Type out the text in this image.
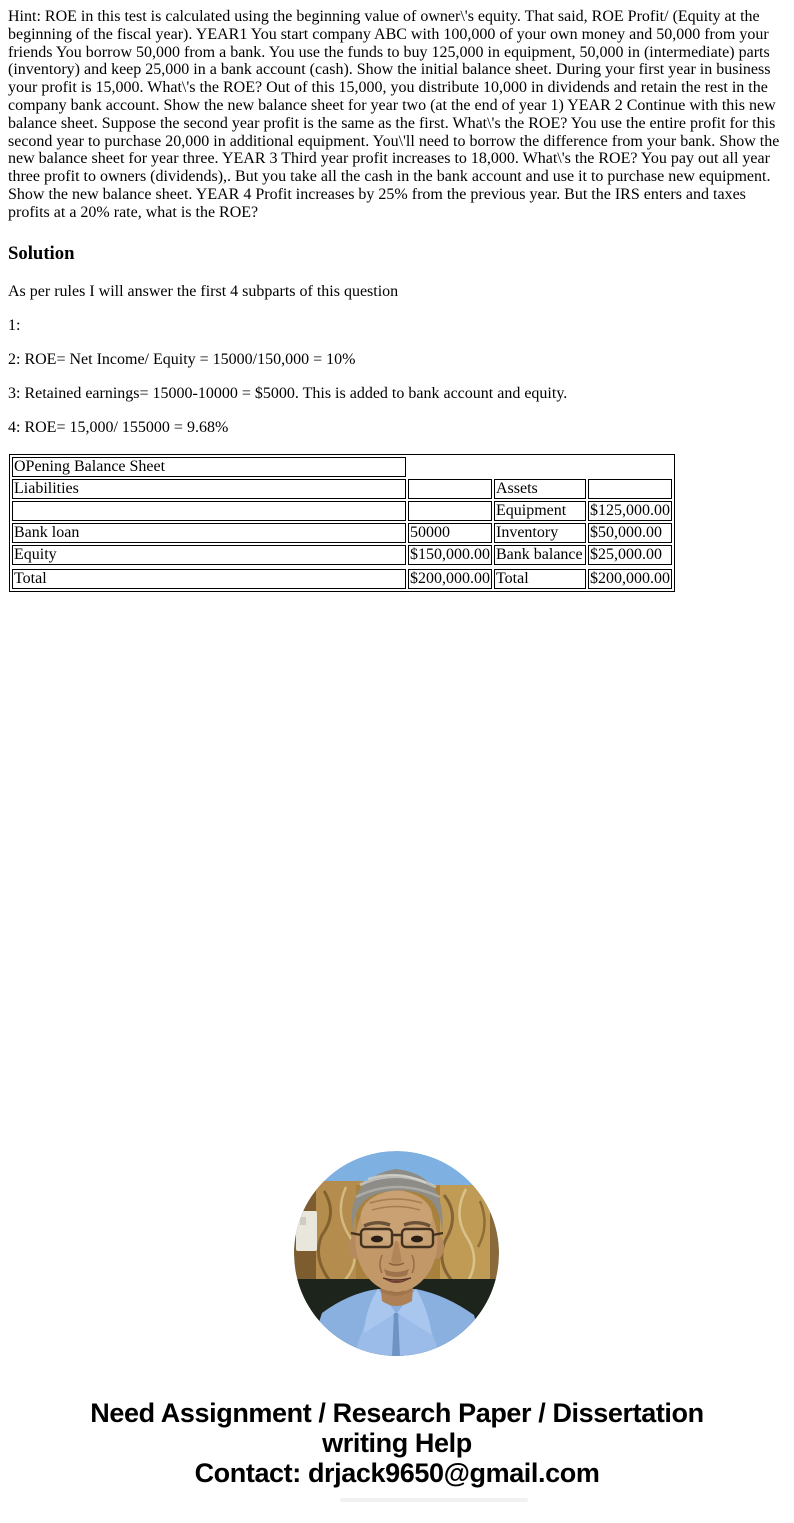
Hint: ROE in this test is calculated using the beginning value of owner\'s equity. That said, ROE Profit/ (Equity at the beginning of the fiscal year). YEAR1 You start company ABC with 100,000 of your own money and 50,000 from your friends You borrow 50,000 from a bank. You use the funds to buy 125,000 in equipment, 50,000 in (intermediate) parts (inventory) and keep 25,000 in a bank account (cash). Show the initial balance sheet. During your first year in business your profit is 15,000. What\'s the ROE? Out of this 15,000, you distribute 10,000 in dividends and retain the rest in the company bank account. Show the new balance sheet for year two (at the end of year 1) YEAR 2 Continue with this new balance sheet. Suppose the second year profit is the same as the first. What\'s the ROE? You use the entire profit for this second year to purchase 20,000 in additional equipment. You\'ll need to borrow the difference from your bank. Show the new balance sheet for year three. YEAR 3 Third year profit increases to 18,000. What\'s the ROE? You pay out all year three profit to owners (dividends),. But you take all the cash in the bank account and use it to purchase new equipment. Show the new balance sheet. YEAR 4 Profit increases by 25% from the previous year. But the IRS enters and taxes profits at a 20% rate, what is the ROE?
Solution
As per rules I will answer the first 4 subparts of this question
1:
2: ROE= Net Income/ Equity = 15000/150,000 = 10%
3: Retained earnings= 15000-10000 = $5000. This is added to bank account and equity.
4: ROE= 15,000/ 155000 = 9.68%
OPening Balance Sheet			
Liabilities		Assets	
		Equipment	$125,000.00
Bank loan	50000	Inventory	$50,000.00
Equity	$150,000.00	Bank balance	$25,000.00

Total	$200,000.00	Total	$200,000.00
Need Assignment / Research Paper / Dissertation
writing Help
Contact: drjack9650@gmail.com
